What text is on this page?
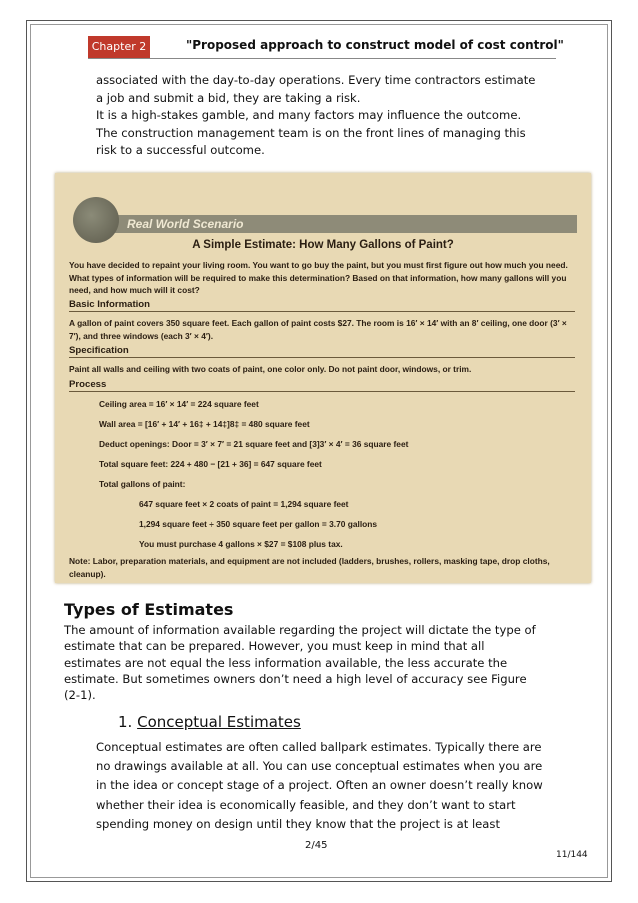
Chapter 2	"Proposed approach to construct model of cost control"

associated with the day-to-day operations. Every time contractors estimate

a job and submit a bid, they are taking a risk.

It is a high-stakes gamble, and many factors may influence the outcome.

The construction management team is on the front lines of managing this

risk to a successful outcome.

Real World Scenario
A Simple Estimate: How Many Gallons of Paint?
You have decided to repaint your living room. You want to go buy the paint, but you must first figure out how much you need. What types of information will be required to make this determination? Based on that information, how many gallons will you need, and how much will it cost?
Basic Information
A gallon of paint covers 350 square feet. Each gallon of paint costs $27. The room is 16′ × 14′ with an 8′ ceiling, one door (3′ × 7′), and three windows (each 3′ × 4′).
Specification
Paint all walls and ceiling with two coats of paint, one color only. Do not paint door, windows, or trim.
Process
Ceiling area = 16′ × 14′ = 224 square feet
Wall area = [16′ + 14′ + 16‡ + 14‡]8‡ = 480 square feet
Deduct openings: Door = 3′ × 7′ = 21 square feet and [3]3′ × 4′ = 36 square feet
Total square feet: 224 + 480 − [21 + 36] = 647 square feet
Total gallons of paint:
647 square feet × 2 coats of paint = 1,294 square feet
1,294 square feet ÷ 350 square feet per gallon = 3.70 gallons
You must purchase 4 gallons × $27 = $108 plus tax.
Note: Labor, preparation materials, and equipment are not included (ladders, brushes, rollers, masking tape, drop cloths, cleanup).
Types of Estimates

The amount of information available regarding the project will dictate the type of

estimate that can be prepared. However, you must keep in mind that all

estimates are not equal the less information available, the less accurate the

estimate. But sometimes owners don’t need a high level of accuracy see Figure

(2-1).

1. Conceptual Estimates

Conceptual estimates are often called ballpark estimates. Typically there are

no drawings available at all. You can use conceptual estimates when you are

in the idea or concept stage of a project. Often an owner doesn’t really know

whether their idea is economically feasible, and they don’t want to start

spending money on design until they know that the project is at least

2/45
11/144
